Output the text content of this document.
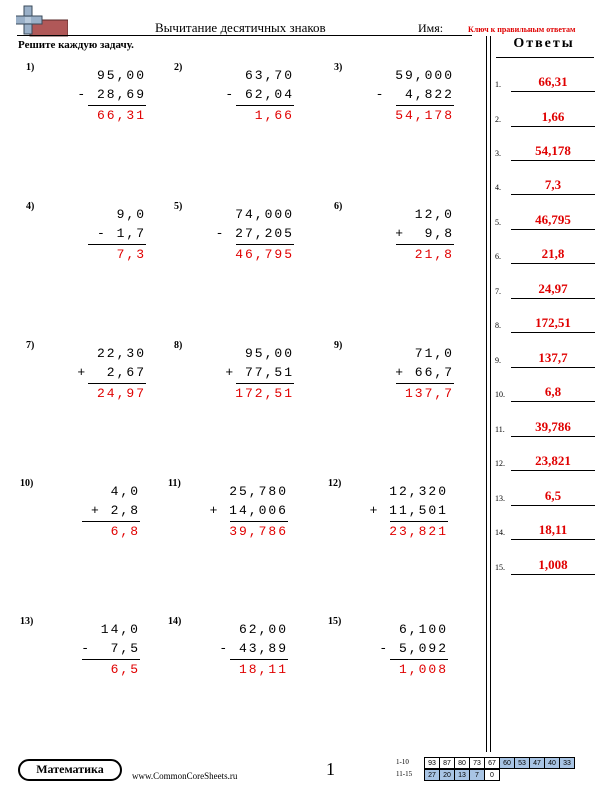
Вычитание десятичных знаков	Имя:	Ключ к правильным ответам
Решите каждую задачу.
1)
95,00
- 28,69
66,31
2)
63,70
- 62,04
1,66
3)
59,000
-  4,822
54,178
4)
9,0
- 1,7
7,3
5)
74,000
- 27,205
46,795
6)
12,0
+  9,8
21,8
7)
22,30
+  2,67
24,97
8)
95,00
+ 77,51
172,51
9)
71,0
+ 66,7
137,7
10)
4,0
+ 2,8
6,8
11)
25,780
+ 14,006
39,786
12)
12,320
+ 11,501
23,821
13)
14,0
-  7,5
6,5
14)
62,00
- 43,89
18,11
15)
6,100
- 5,092
1,008
Ответы
1.	66,31
2.	1,66
3.	54,178
4.	7,3
5.	46,795
6.	21,8
7.	24,97
8.	172,51
9.	137,7
10.	6,8
11.	39,786
12.	23,821
13.	6,5
14.	18,11
15.	1,008
Математика	www.CommonCoreSheets.ru	1	1-10	93	87	80	73	67	60	53	47	40	33
11-15	27	20	13	7	0
